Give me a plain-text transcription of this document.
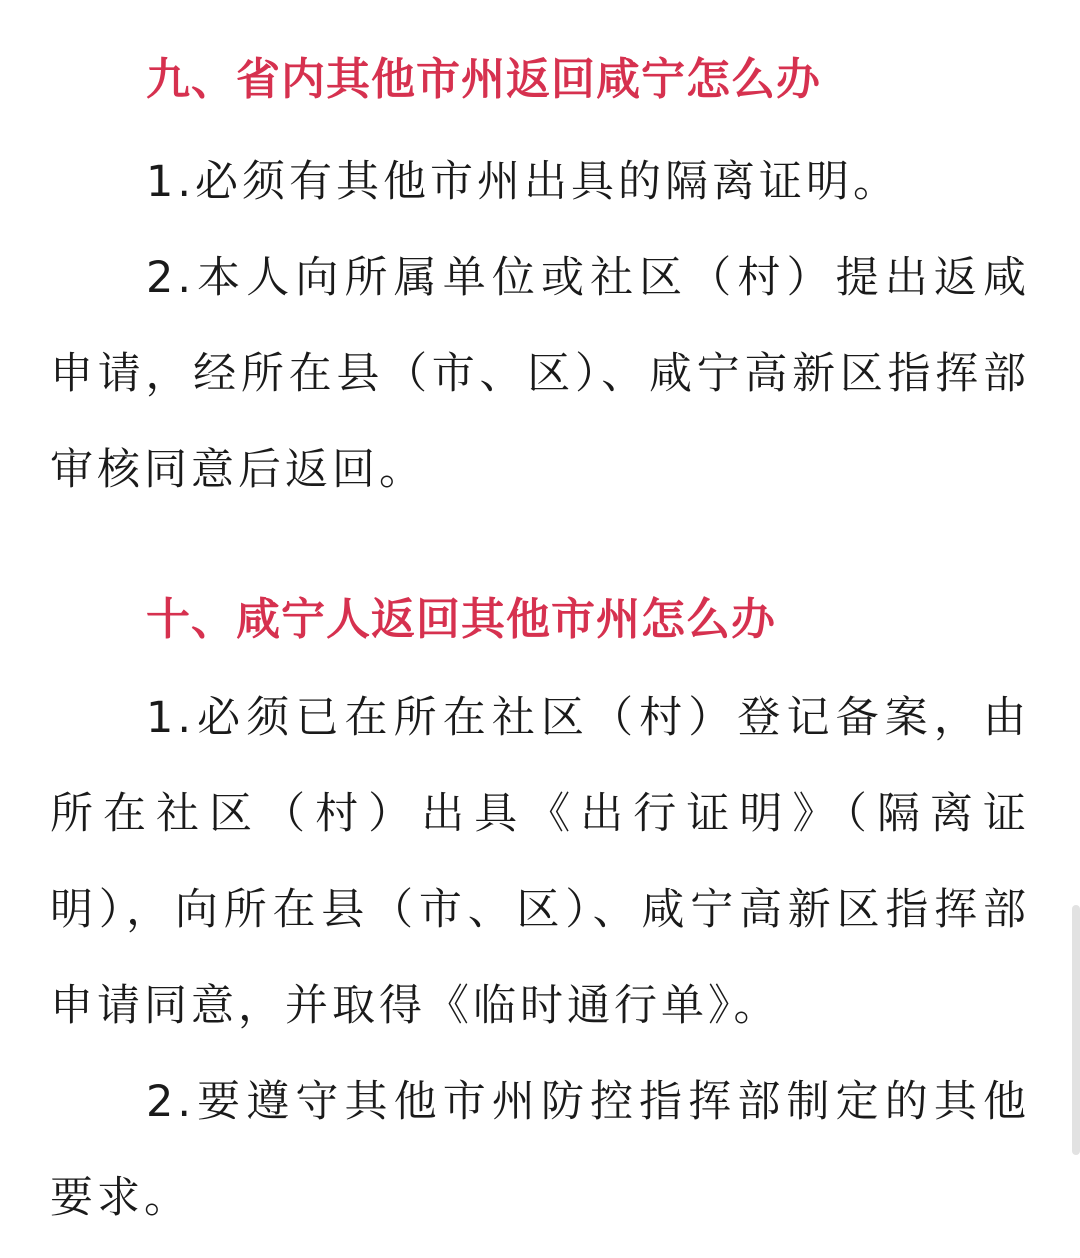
九、省内其他市州返回咸宁怎么办

1.必须有其他市州出具的隔离证明。

2.本人向所属单位或社区（村）提出返咸申请，经所在县（市、区）、咸宁高新区指挥部审核同意后返回。

十、咸宁人返回其他市州怎么办

1.必须已在所在社区（村）登记备案，由所在社区（村）出具《出行证明》（隔离证明），向所在县（市、区）、咸宁高新区指挥部申请同意，并取得《临时通行单》。

2.要遵守其他市州防控指挥部制定的其他要求。
